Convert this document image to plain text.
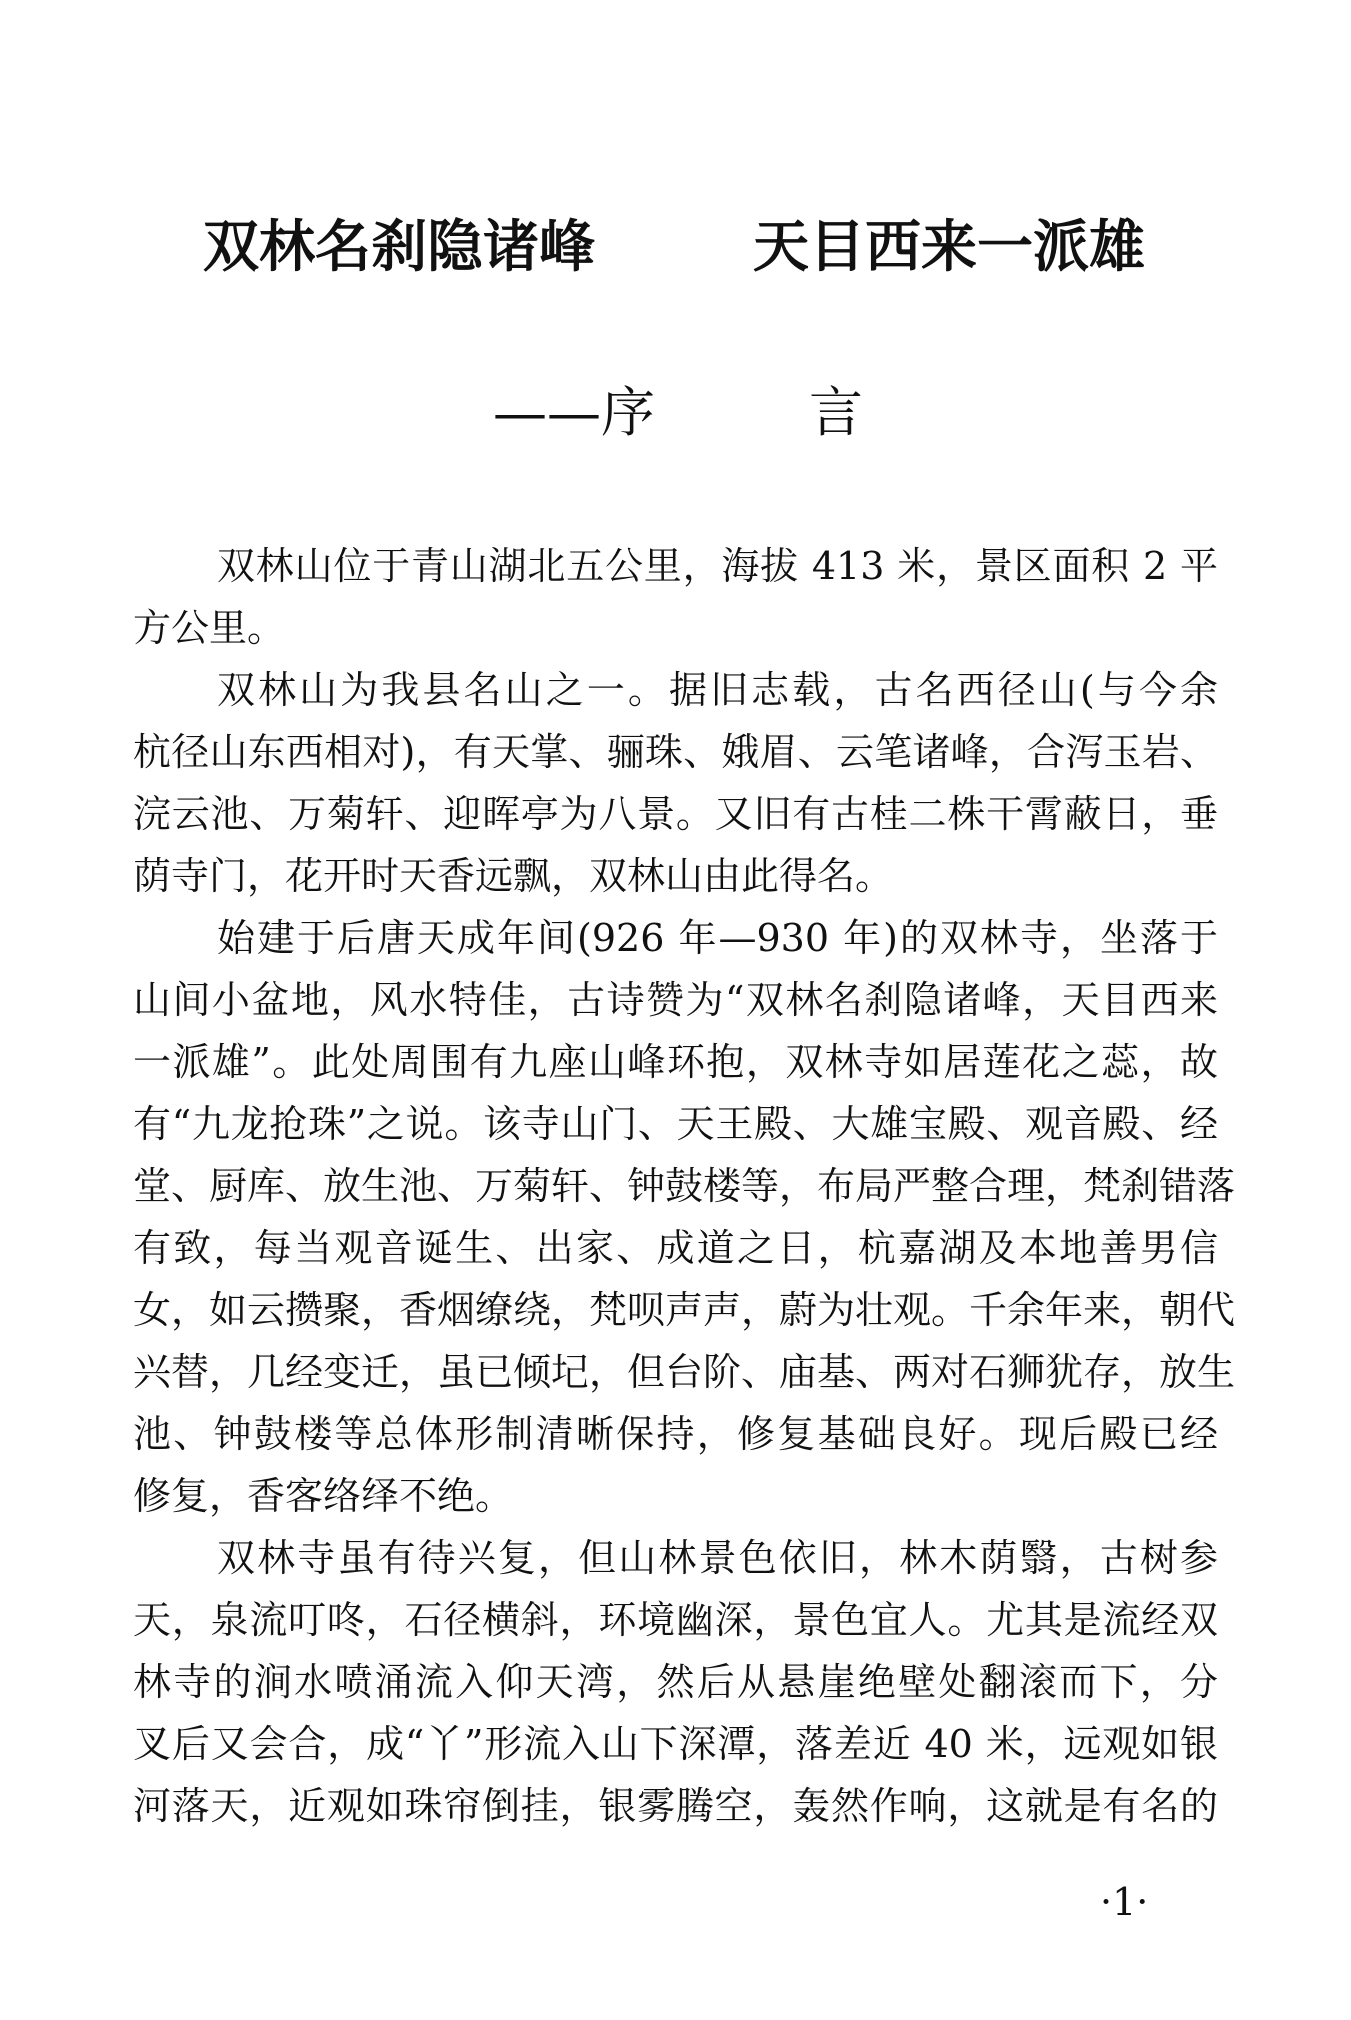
双林名刹隐诸峰	天目西来一派雄
——序	言
双林山位于青山湖北五公里，海拔 413 米，景区面积 2 平
方公里。
双林山为我县名山之一。据旧志载，古名西径山(与今余
杭径山东西相对)，有天掌、骊珠、娥眉、云笔诸峰，合泻玉岩、
浣云池、万菊轩、迎晖亭为八景。又旧有古桂二株干霄蔽日，垂
荫寺门，花开时天香远飘，双林山由此得名。
始建于后唐天成年间(926 年—930 年)的双林寺，坐落于
山间小盆地，风水特佳，古诗赞为“双林名刹隐诸峰，天目西来
一派雄”。此处周围有九座山峰环抱，双林寺如居莲花之蕊，故
有“九龙抢珠”之说。该寺山门、天王殿、大雄宝殿、观音殿、经
堂、厨库、放生池、万菊轩、钟鼓楼等，布局严整合理，梵刹错落
有致，每当观音诞生、出家、成道之日，杭嘉湖及本地善男信
女，如云攒聚，香烟缭绕，梵呗声声，蔚为壮观。千余年来，朝代
兴替，几经变迁，虽已倾圮，但台阶、庙基、两对石狮犹存，放生
池、钟鼓楼等总体形制清晰保持，修复基础良好。现后殿已经
修复，香客络绎不绝。
双林寺虽有待兴复，但山林景色依旧，林木荫翳，古树参
天，泉流叮咚，石径横斜，环境幽深，景色宜人。尤其是流经双
林寺的涧水喷涌流入仰天湾，然后从悬崖绝壁处翻滚而下，分
叉后又会合，成“丫”形流入山下深潭，落差近 40 米，远观如银
河落天，近观如珠帘倒挂，银雾腾空，轰然作响，这就是有名的
·1·
